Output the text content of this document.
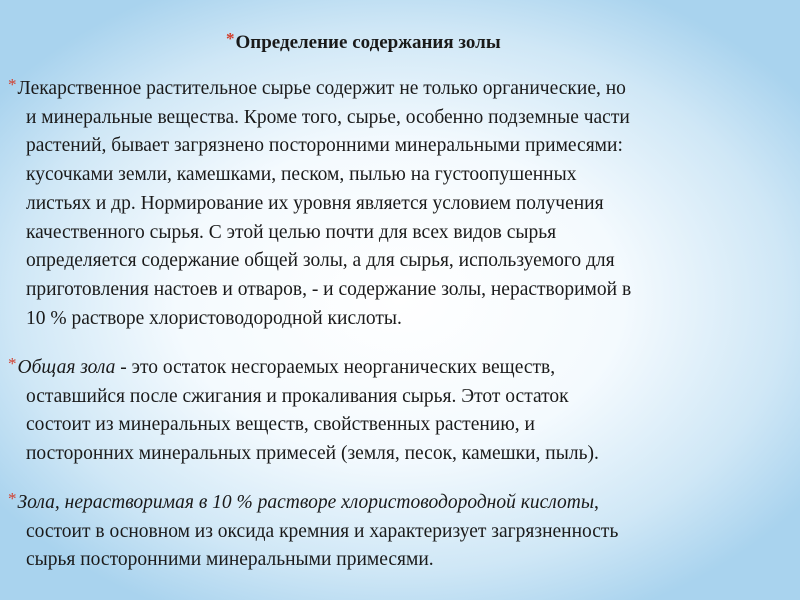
*Определение содержания золы
*Лекарственное растительное сырье содержит не только органические, но
и минеральные вещества. Кроме того, сырье, особенно подземные части
растений, бывает загрязнено посторонними минеральными примесями:
кусочками земли, камешками, песком, пылью на густоопушенных
листьях и др. Нормирование их уровня является условием получения
качественного сырья. С этой целью почти для всех видов сырья
определяется содержание общей золы, а для сырья, используемого для
приготовления настоев и отваров, - и содержание золы, нерастворимой в
10 % растворе хлористоводородной кислоты.
*Общая зола - это остаток несгораемых неорганических веществ,
оставшийся после сжигания и прокаливания сырья. Этот остаток
состоит из минеральных веществ, свойственных растению, и
посторонних минеральных примесей (земля, песок, камешки, пыль).
*Зола, нерастворимая в 10 % растворе хлористоводородной кислоты,
состоит в основном из оксида кремния и характеризует загрязненность
сырья посторонними минеральными примесями.
